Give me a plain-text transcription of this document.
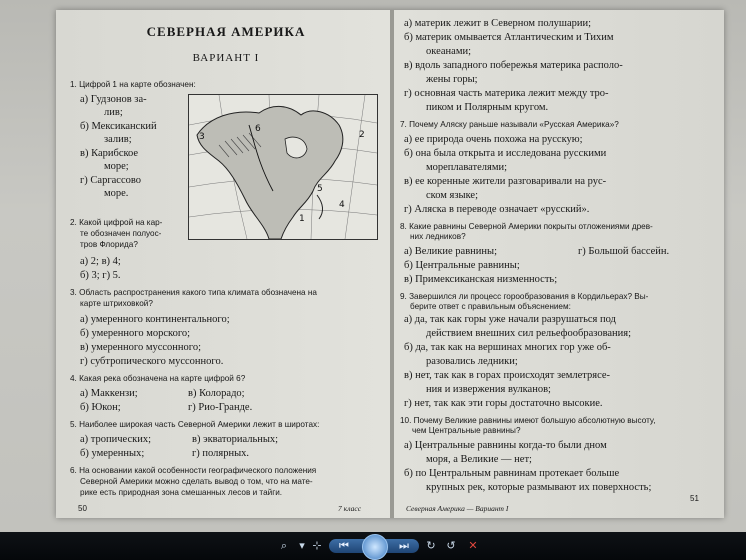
СЕВЕРНАЯ АМЕРИКА
ВАРИАНТ I
1. Цифрой 1 на карте обозначен:
а) Гудзонов за-
лив;
б) Мексиканский
залив;
в) Карибское
море;
г) Саргассово
море.
6
3
1
5
4
2
2. Какой цифрой на кар-
те обозначен полуос-
тров Флорида?
а) 2; в) 4;
б) 3; г) 5.
3. Область распространения какого типа климата обозначена на
карте штриховкой?
а) умеренного континентального;
б) умеренного морского;
в) умеренного муссонного;
г) субтропического муссонного.
4. Какая река обозначена на карте цифрой 6?
а) Маккензи;
б) Юкон;
в) Колорадо;
г) Рио-Гранде.
5. Наиболее широкая часть Северной Америки лежит в широтах:
а) тропических;
б) умеренных;
в) экваториальных;
г) полярных.
6. На основании какой особенности географического положения
Северной Америки можно сделать вывод о том, что на мате-
рике есть природная зона смешанных лесов и тайги.
50	7 класс
а) материк лежит в Северном полушарии;
б) материк омывается Атлантическим и Тихим
океанами;
в) вдоль западного побережья материка располо-
жены горы;
г) основная часть материка лежит между тро-
пиком и Полярным кругом.
7. Почему Аляску раньше называли «Русская Америка»?
а) ее природа очень похожа на русскую;
б) она была открыта и исследована русскими
мореплавателями;
в) ее коренные жители разговаривали на рус-
ском языке;
г) Аляска в переводе означает «русский».
8. Какие равнины Северной Америки покрыты отложениями древ-
них ледников?
а) Великие равнины;	г) Большой бассейн.
б) Центральные равнины;
в) Примексиканская низменность;
9. Завершился ли процесс горообразования в Кордильерах? Вы-
берите ответ с правильным объяснением:
а) да, так как горы уже начали разрушаться под
действием внешних сил рельефообразования;
б) да, так как на вершинах многих гор уже об-
разовались ледники;
в) нет, так как в горах происходят землетрясе-
ния и извержения вулканов;
г) нет, так как эти горы достаточно высокие.
10. Почему Великие равнины имеют большую абсолютную высоту,
чем Центральные равнины?
а) Центральные равнины когда-то были дном
моря, а Великие — нет;
б) по Центральным равнинам протекает больше
крупных рек, которые размывают их поверхность;
Северная Америка — Вариант I
51
⌕	▾ ⊹ ⏮	⏭ ↻ ↺ ✕
